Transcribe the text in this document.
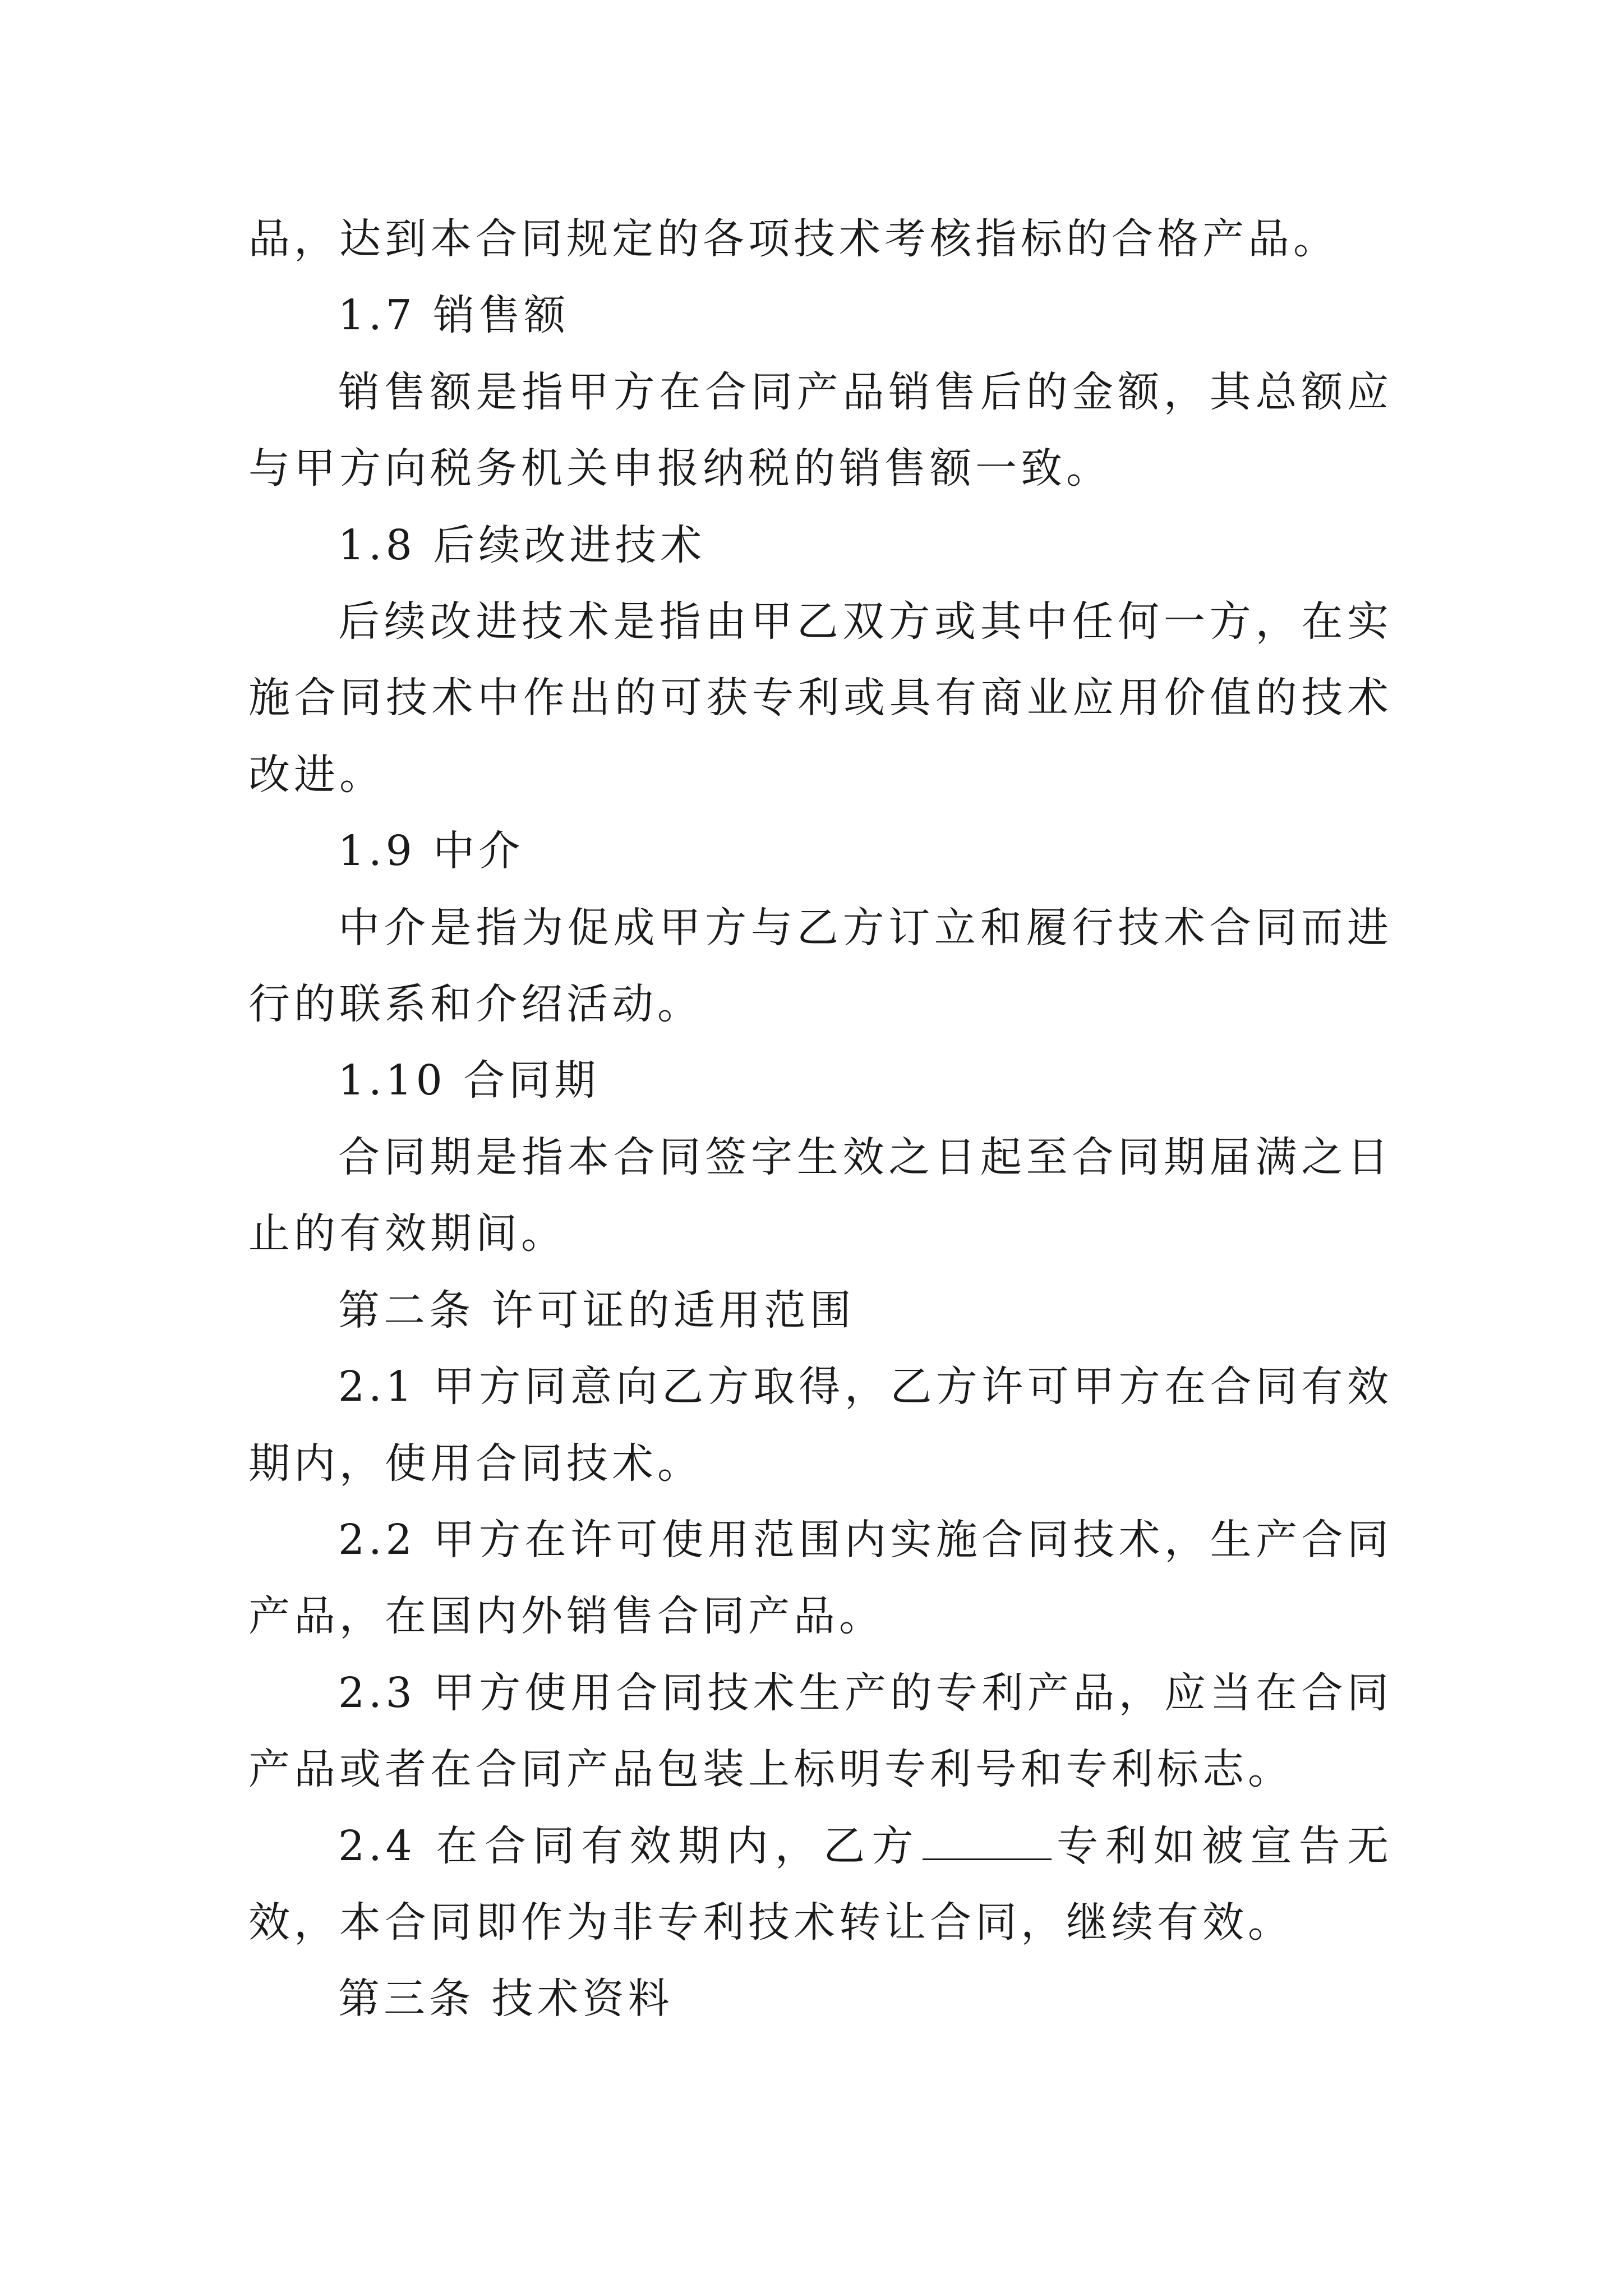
品，达到本合同规定的各项技术考核指标的合格产品。

1.7 销售额

销售额是指甲方在合同产品销售后的金额，其总额应与甲方向税务机关申报纳税的销售额一致。

1.8 后续改进技术

后续改进技术是指由甲乙双方或其中任何一方，在实施合同技术中作出的可获专利或具有商业应用价值的技术改进。

1.9 中介

中介是指为促成甲方与乙方订立和履行技术合同而进行的联系和介绍活动。

1.10 合同期

合同期是指本合同签字生效之日起至合同期届满之日止的有效期间。

第二条 许可证的适用范围

2.1 甲方同意向乙方取得，乙方许可甲方在合同有效期内，使用合同技术。

2.2 甲方在许可使用范围内实施合同技术，生产合同产品，在国内外销售合同产品。

2.3 甲方使用合同技术生产的专利产品，应当在合同产品或者在合同产品包装上标明专利号和专利标志。

2.4 在合同有效期内，乙方	专利如被宣告无效，本合同即作为非专利技术转让合同，继续有效。

第三条 技术资料
